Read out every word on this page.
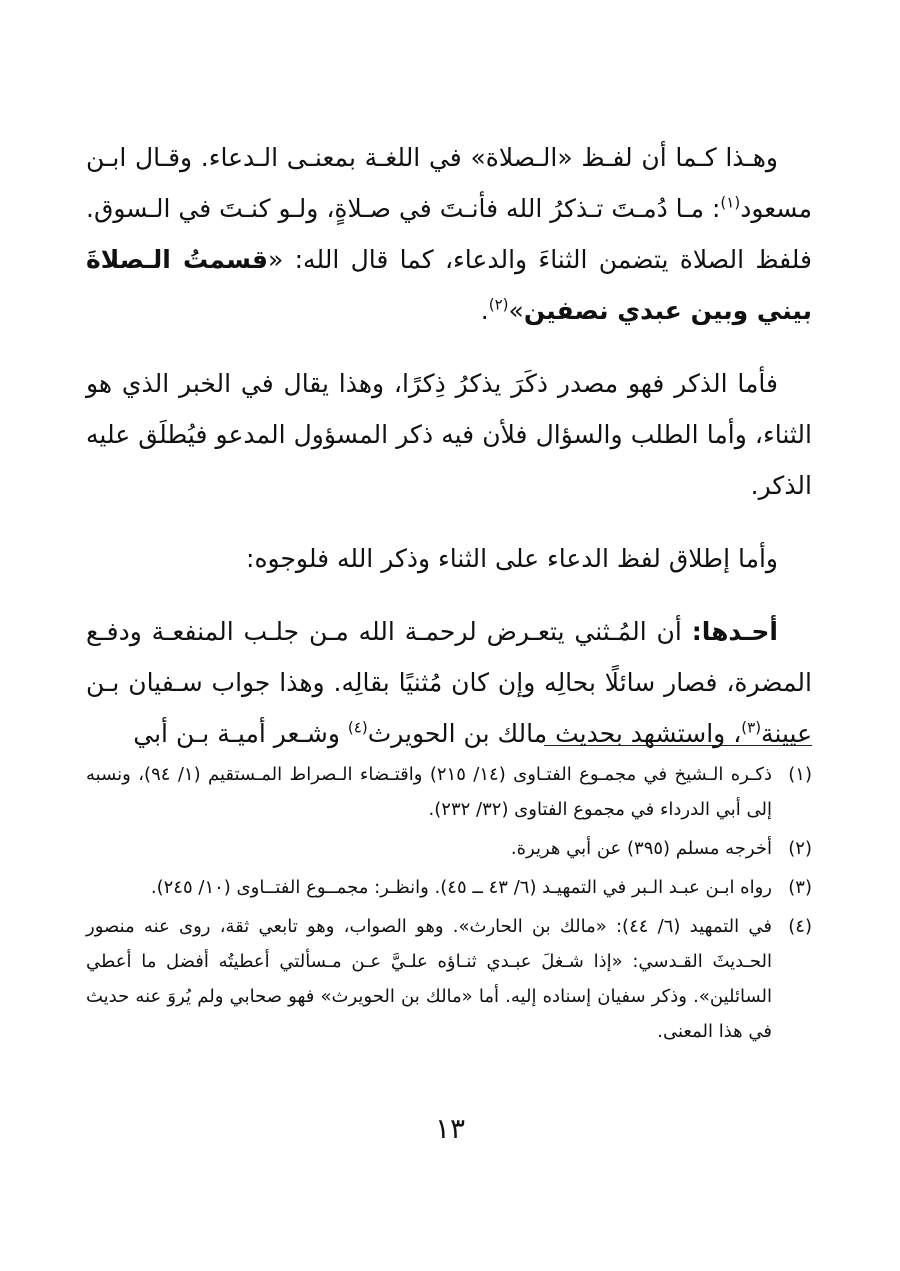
وهـذا كـما أن لفـظ «الـصلاة» في اللغـة بمعنـى الـدعاء. وقـال ابـن مسعود$^{(١)}$: مـا دُمـتَ تـذكرُ الله فأنـتَ في صـلاةٍ، ولـو كنـتَ في الـسوق. فلفظ الصلاة يتضمن الثناءَ والدعاء، كما قال الله: «قسمتُ الـصلاةَ بيني وبين عبدي نصفين»$^{(٢)}$.

فأما الذكر فهو مصدر ذكَرَ يذكرُ ذِكرًا، وهذا يقال في الخبر الذي هو الثناء، وأما الطلب والسؤال فلأن فيه ذكر المسؤول المدعو فيُطلَق عليه الذكر.

وأما إطلاق لفظ الدعاء على الثناء وذكر الله فلوجوه:

أحـدها: أن المُـثني يتعـرض لرحمـة الله مـن جلـب المنفعـة ودفـع المضرة، فصار سائلًا بحالِه وإن كان مُثنيًا بقالِه. وهذا جواب سـفيان بـن عيينة$^{(٣)}$، واستشهد بحديث مالك بن الحويرث$^{(٤)}$ وشـعر أميـة بـن أبي

(١)
ذكـره الـشيخ في مجمـوع الفتـاوى (١٤/ ٢١٥) واقتـضاء الـصراط المـستقيم (١/ ٩٤)، ونسبه إلى أبي الدرداء في مجموع الفتاوى (٣٢/ ٢٣٢).
(٢)
أخرجه مسلم (٣٩٥) عن أبي هريرة.
(٣)
رواه ابـن عبـد الـبر في التمهيـد (٦/ ٤٣ ــ ٤٥). وانظـر: مجمــوع الفتــاوى (١٠/ ٢٤٥).
(٤)
في التمهيد (٦/ ٤٤): «مالك بن الحارث». وهو الصواب، وهو تابعي ثقة، روى عنه منصور الحـديثَ القـدسي: «إذا شـغلَ عبـدي ثنـاؤه علـيَّ عـن مـسألتي أعطيتُه أفضل ما أعطي السائلين». وذكر سفيان إسناده إليه. أما «مالك بن الحويرث» فهو صحابي ولم يُروَ عنه حديث في هذا المعنى.
١٣
